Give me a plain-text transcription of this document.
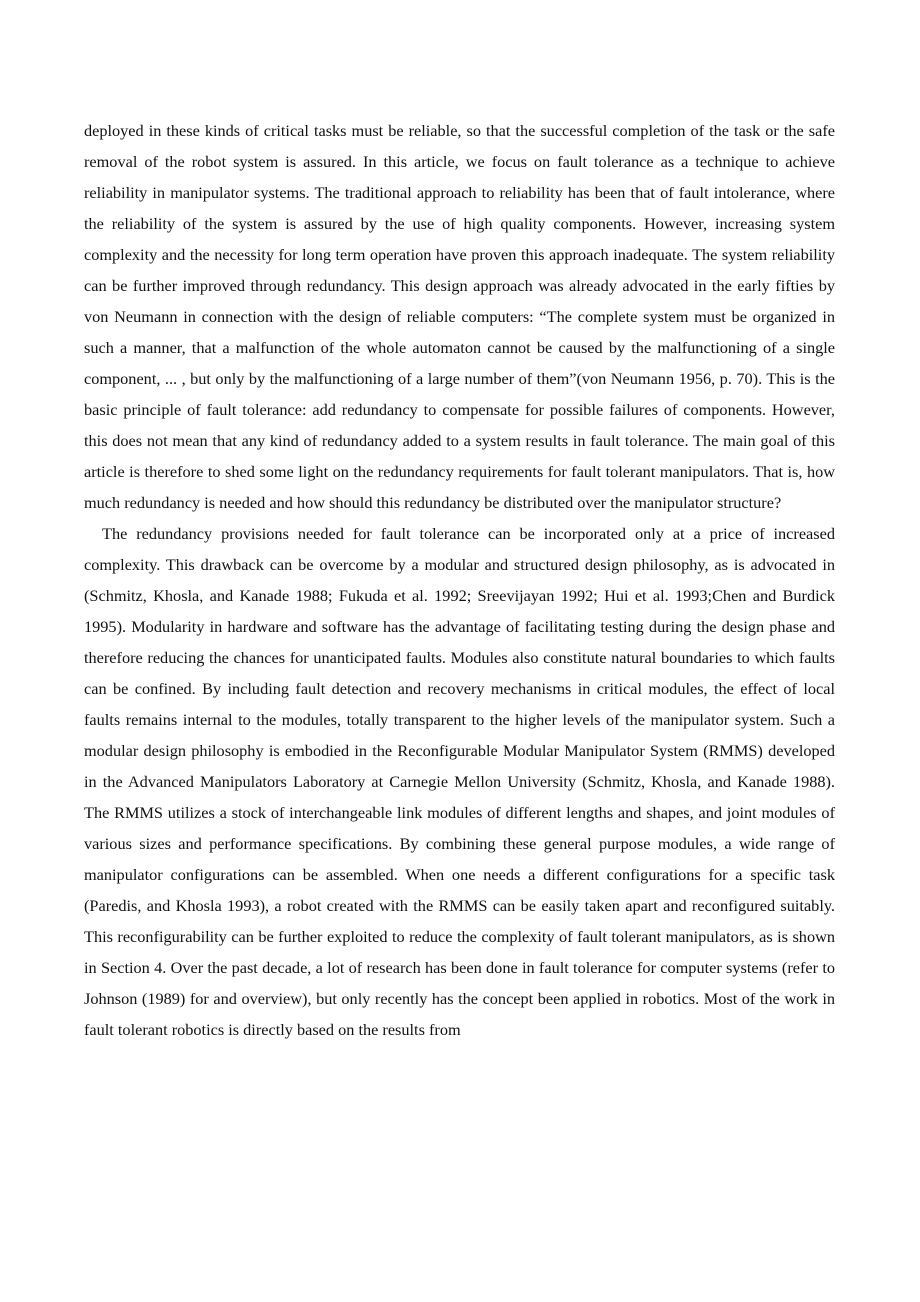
deployed in these kinds of critical tasks must be reliable, so that the successful completion of the task or the safe removal of the robot system is assured. In this article, we focus on fault tolerance as a technique to achieve reliability in manipulator systems. The traditional approach to reliability has been that of fault intolerance, where the reliability of the system is assured by the use of high quality components. However, increasing system complexity and the necessity for long term operation have proven this approach inadequate. The system reliability can be further improved through redundancy. This design approach was already advocated in the early fifties by von Neumann in connection with the design of reliable computers: “The complete system must be organized in such a manner, that a malfunction of the whole automaton cannot be caused by the malfunctioning of a single component, ... , but only by the malfunctioning of a large number of them”(von Neumann 1956, p. 70). This is the basic principle of fault tolerance: add redundancy to compensate for possible failures of components. However, this does not mean that any kind of redundancy added to a system results in fault tolerance. The main goal of this article is therefore to shed some light on the redundancy requirements for fault tolerant manipulators. That is, how much redundancy is needed and how should this redundancy be distributed over the manipulator structure?

The redundancy provisions needed for fault tolerance can be incorporated only at a price of increased complexity. This drawback can be overcome by a modular and structured design philosophy, as is advocated in (Schmitz, Khosla, and Kanade 1988; Fukuda et al. 1992; Sreevijayan 1992; Hui et al. 1993;Chen and Burdick 1995). Modularity in hardware and software has the advantage of facilitating testing during the design phase and therefore reducing the chances for unanticipated faults. Modules also constitute natural boundaries to which faults can be confined. By including fault detection and recovery mechanisms in critical modules, the effect of local faults remains internal to the modules, totally transparent to the higher levels of the manipulator system. Such a modular design philosophy is embodied in the Reconfigurable Modular Manipulator System (RMMS) developed in the Advanced Manipulators Laboratory at Carnegie Mellon University (Schmitz, Khosla, and Kanade 1988). The RMMS utilizes a stock of interchangeable link modules of different lengths and shapes, and joint modules of various sizes and performance specifications. By combining these general purpose modules, a wide range of manipulator configurations can be assembled. When one needs a different configurations for a specific task (Paredis, and Khosla 1993), a robot created with the RMMS can be easily taken apart and reconfigured suitably. This reconfigurability can be further exploited to reduce the complexity of fault tolerant manipulators, as is shown in Section 4. Over the past decade, a lot of research has been done in fault tolerance for computer systems (refer to Johnson (1989) for and overview), but only recently has the concept been applied in robotics. Most of the work in fault tolerant robotics is directly based on the results from
